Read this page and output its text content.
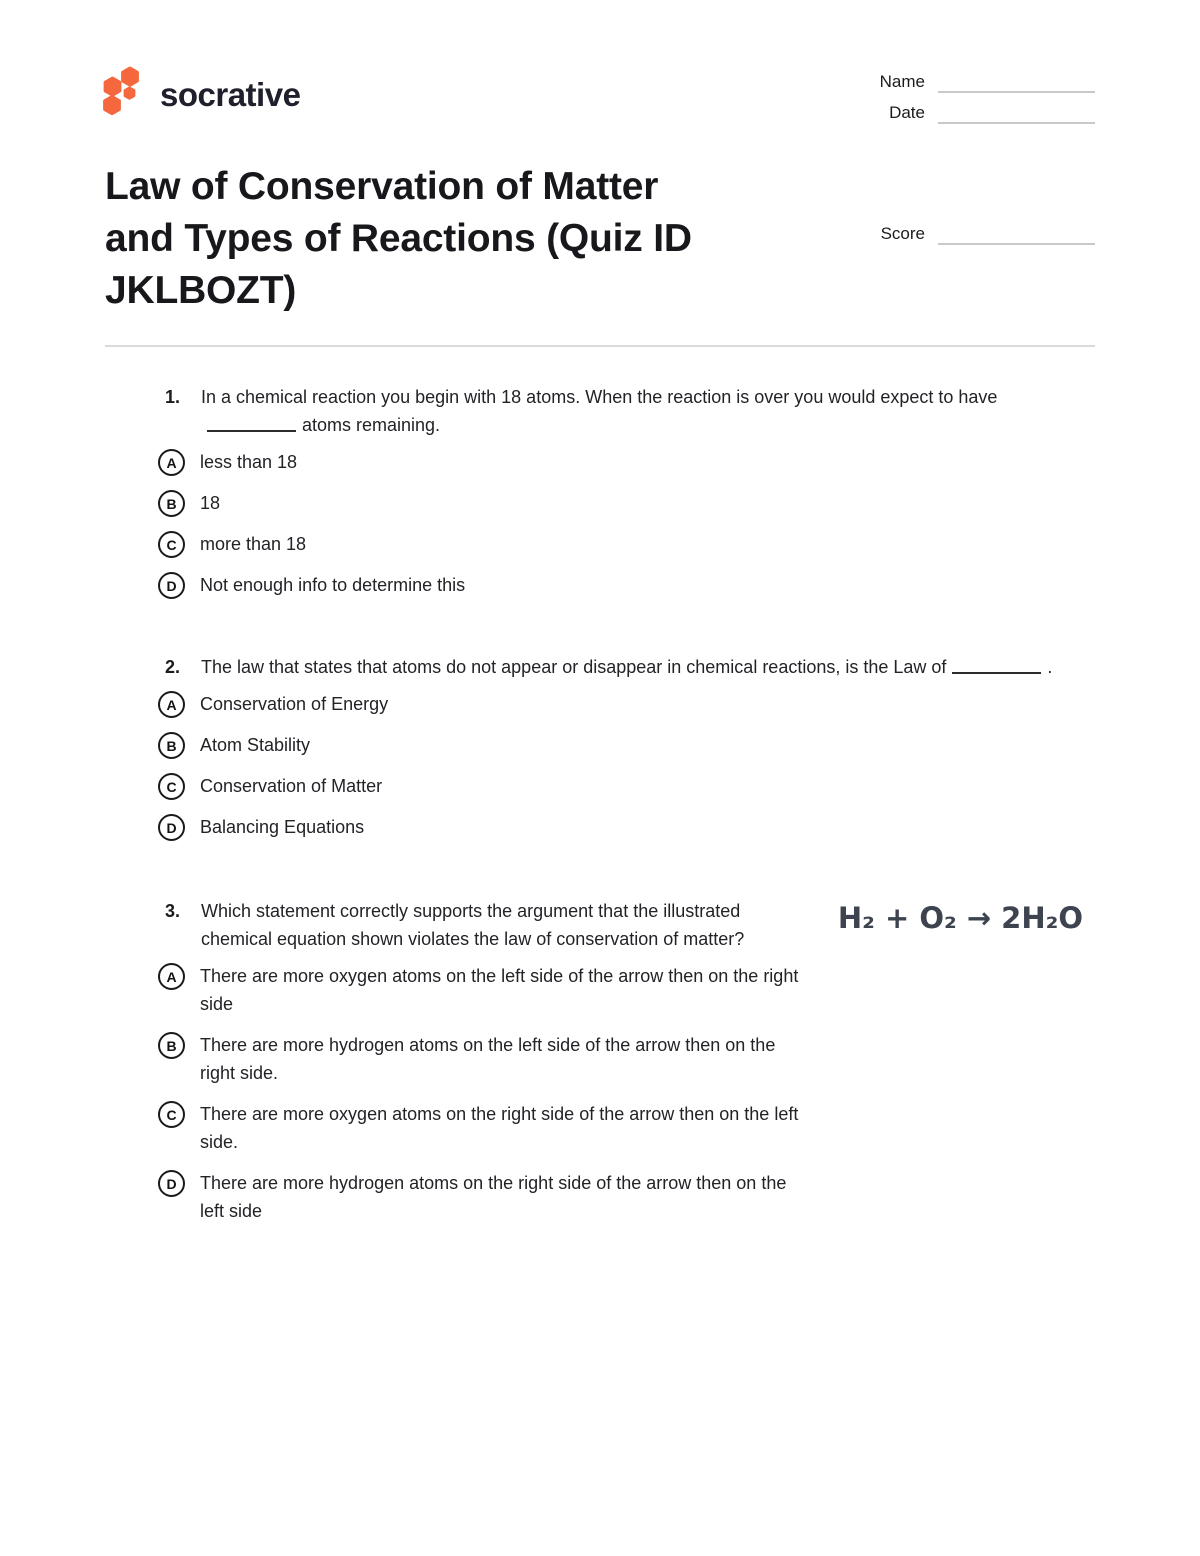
socrative	Name
Date
Law of Conservation of Matter
and Types of Reactions (Quiz ID
JKLBOZT)
Score
1.	In a chemical reaction you begin with 18 atoms. When the reaction is over you would expect to haveatoms remaining.

A	less than 18
B	18
C	more than 18
D	Not enough info to determine this
2.	The law that states that atoms do not appear or disappear in chemical reactions, is the Law of	.

A	Conservation of Energy
B	Atom Stability
C	Conservation of Matter
D	Balancing Equations
3.	Which statement correctly supports the argument that the illustrated chemical equation shown violates the law of conservation of matter?

H₂ + O₂ → 2H₂O
A	There are more oxygen atoms on the left side of the arrow then on the right side
B	There are more hydrogen atoms on the left side of the arrow then on the right side.
C	There are more oxygen atoms on the right side of the arrow then on the left side.
D	There are more hydrogen atoms on the right side of the arrow then on the left side
